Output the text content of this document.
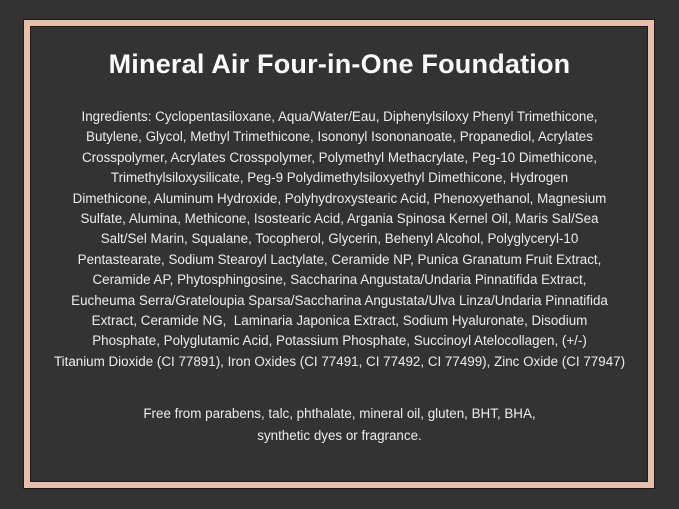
Mineral Air Four-in-One Foundation
Ingredients: Cyclopentasiloxane, Aqua/Water/Eau, Diphenylsiloxy Phenyl Trimethicone,
Butylene, Glycol, Methyl Trimethicone, Isononyl Isononanoate, Propanediol, Acrylates
Crosspolymer, Acrylates Crosspolymer, Polymethyl Methacrylate, Peg-10 Dimethicone,
Trimethylsiloxysilicate, Peg-9 Polydimethylsiloxyethyl Dimethicone, Hydrogen
Dimethicone, Aluminum Hydroxide, Polyhydroxystearic Acid, Phenoxyethanol, Magnesium
Sulfate, Alumina, Methicone, Isostearic Acid, Argania Spinosa Kernel Oil, Maris Sal/Sea
Salt/Sel Marin, Squalane, Tocopherol, Glycerin, Behenyl Alcohol, Polyglyceryl-10
Pentastearate, Sodium Stearoyl Lactylate, Ceramide NP, Punica Granatum Fruit Extract,
Ceramide AP, Phytosphingosine, Saccharina Angustata/Undaria Pinnatifida Extract,
Eucheuma Serra/Grateloupia Sparsa/Saccharina Angustata/Ulva Linza/Undaria Pinnatifida
Extract, Ceramide NG,  Laminaria Japonica Extract, Sodium Hyaluronate, Disodium
Phosphate, Polyglutamic Acid, Potassium Phosphate, Succinoyl Atelocollagen, (+/-)
Titanium Dioxide (CI 77891), Iron Oxides (CI 77491, CI 77492, CI 77499), Zinc Oxide (CI 77947)
Free from parabens, talc, phthalate, mineral oil, gluten, BHT, BHA,
synthetic dyes or fragrance.
